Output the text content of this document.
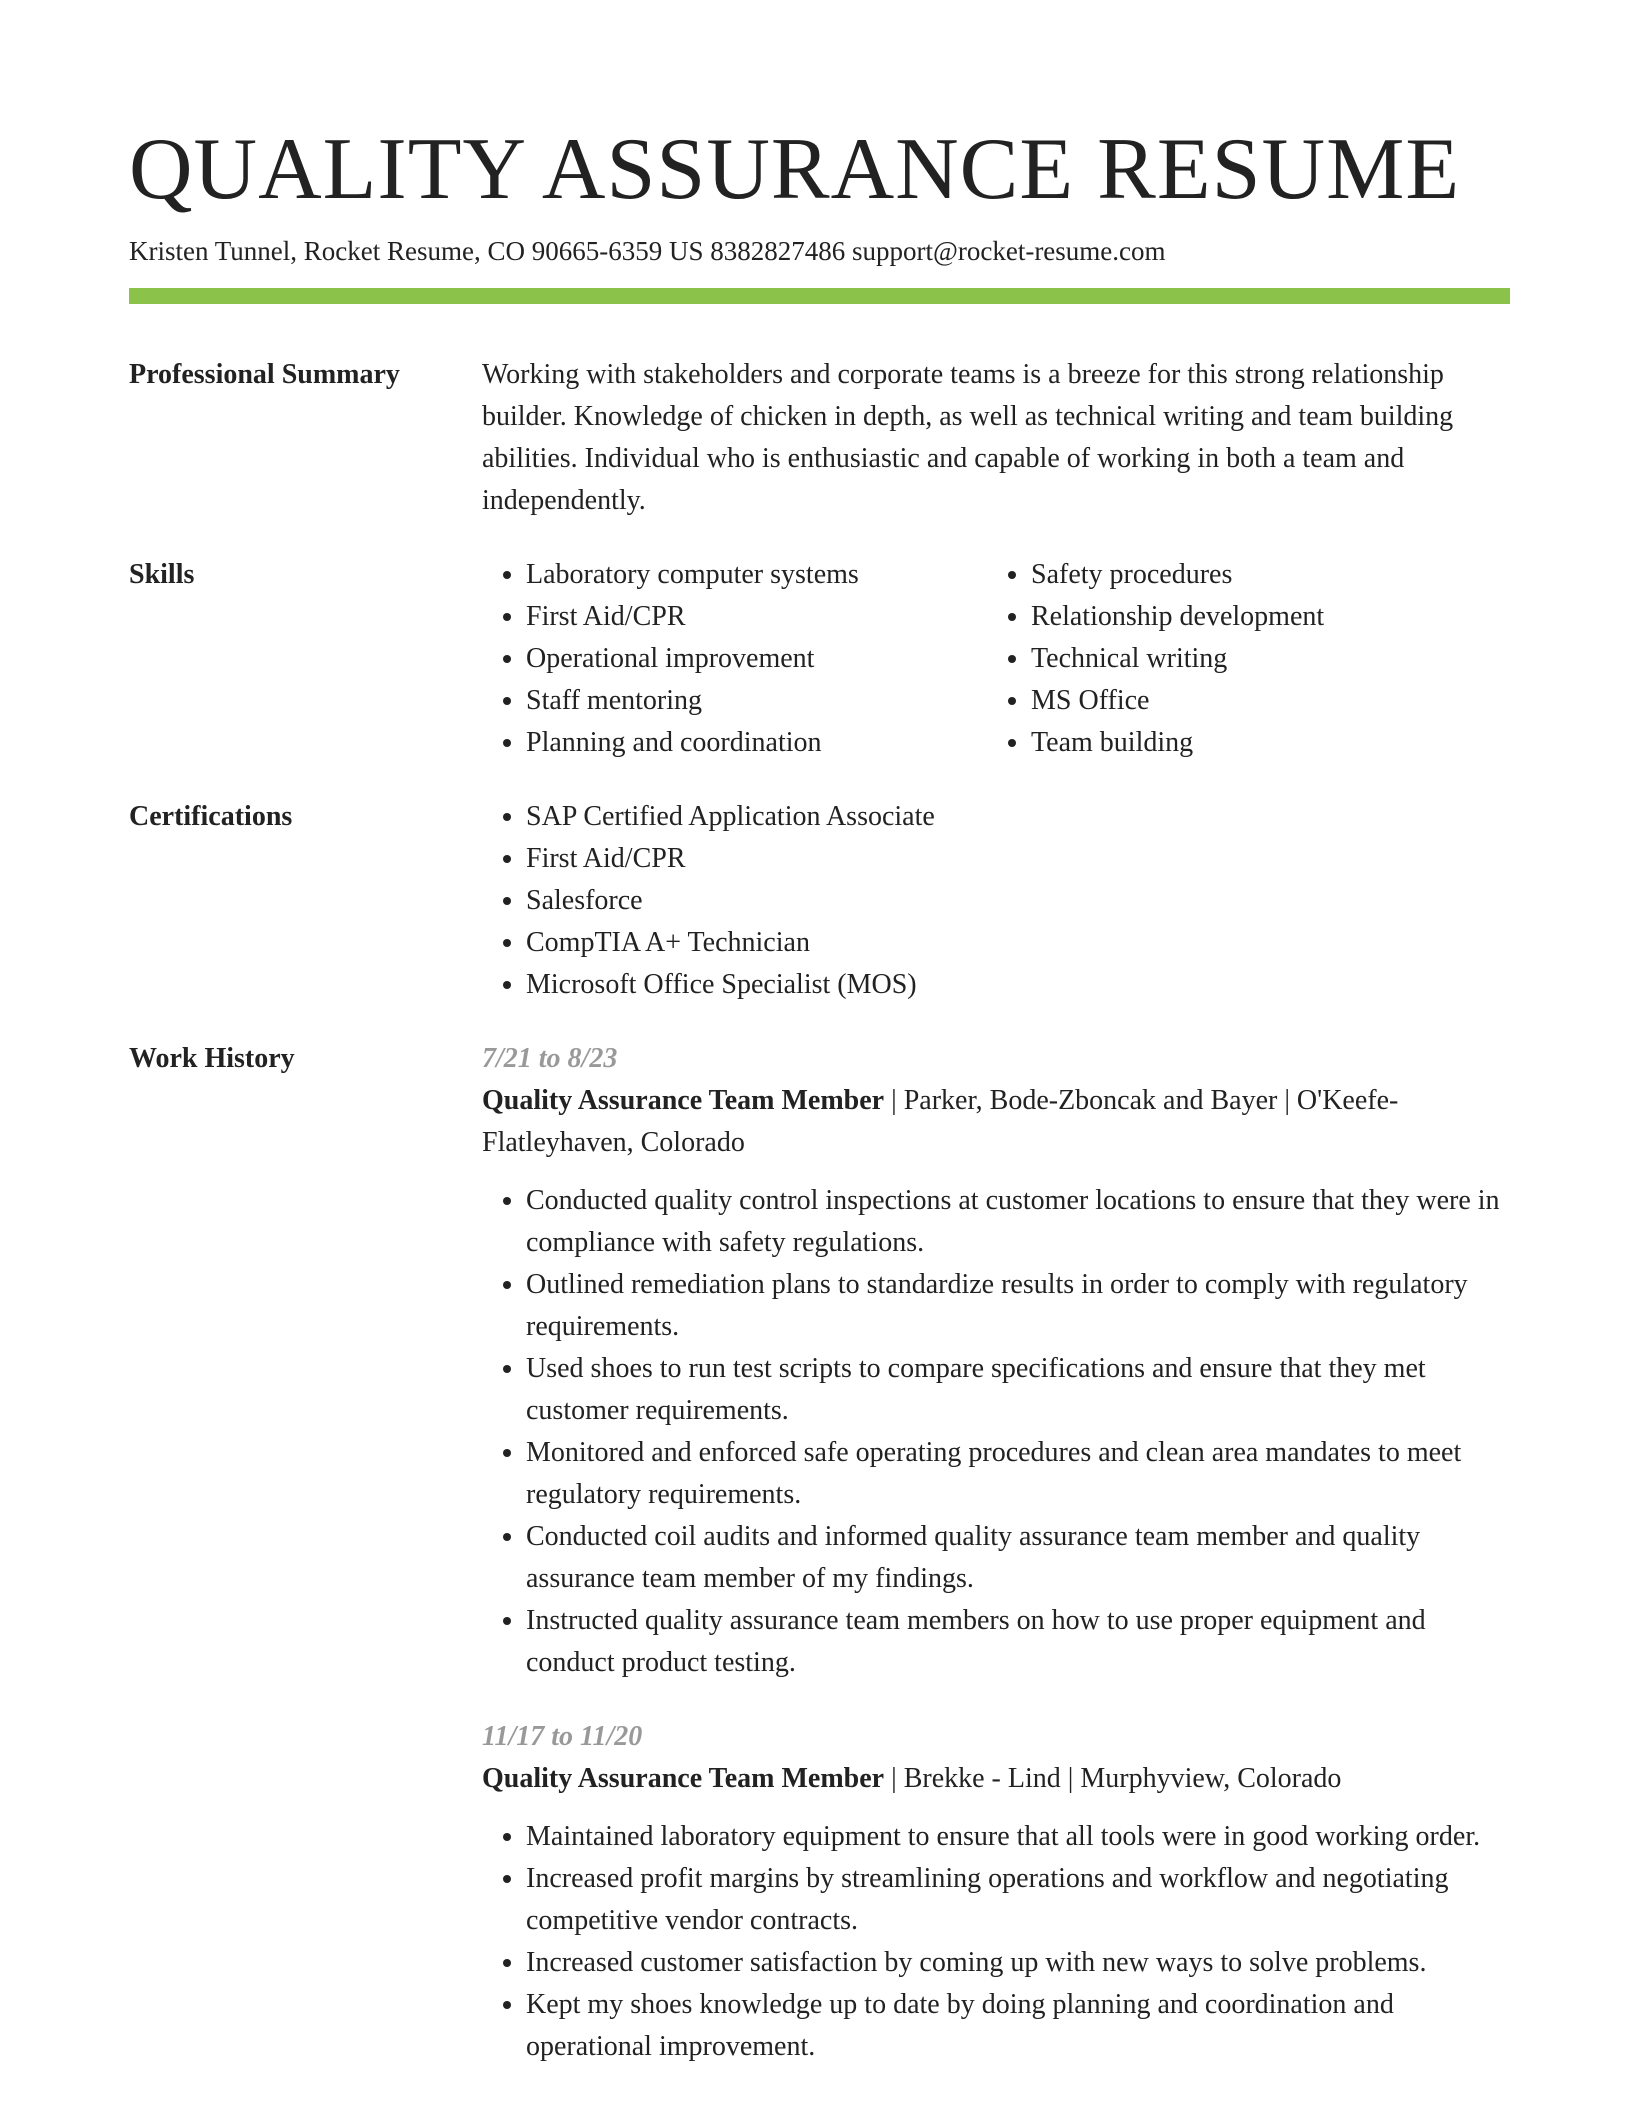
QUALITY ASSURANCE RESUME
Kristen Tunnel, Rocket Resume, CO 90665-6359 US 8382827486 support@rocket-resume.com
Professional Summary	Working with stakeholders and corporate teams is a breeze for this strong relationship builder. Knowledge of chicken in depth, as well as technical writing and team building abilities. Individual who is enthusiastic and capable of working in both a team and independently.
Skills	• Laboratory computer systems
• First Aid/CPR
• Operational improvement
• Staff mentoring
• Planning and coordination
• Safety procedures
• Relationship development
• Technical writing
• MS Office
• Team building
Certifications	• SAP Certified Application Associate
• First Aid/CPR
• Salesforce
• CompTIA A+ Technician
• Microsoft Office Specialist (MOS)
Work History	7/21 to 8/23
Quality Assurance Team Member | Parker, Bode-Zboncak and Bayer | O'Keefe-Flatleyhaven, Colorado
• Conducted quality control inspections at customer locations to ensure that they were in compliance with safety regulations.
• Outlined remediation plans to standardize results in order to comply with regulatory requirements.
• Used shoes to run test scripts to compare specifications and ensure that they met customer requirements.
• Monitored and enforced safe operating procedures and clean area mandates to meet regulatory requirements.
• Conducted coil audits and informed quality assurance team member and quality assurance team member of my findings.
• Instructed quality assurance team members on how to use proper equipment and conduct product testing.
11/17 to 11/20
Quality Assurance Team Member | Brekke - Lind | Murphyview, Colorado
• Maintained laboratory equipment to ensure that all tools were in good working order.
• Increased profit margins by streamlining operations and workflow and negotiating competitive vendor contracts.
• Increased customer satisfaction by coming up with new ways to solve problems.
• Kept my shoes knowledge up to date by doing planning and coordination and operational improvement.
